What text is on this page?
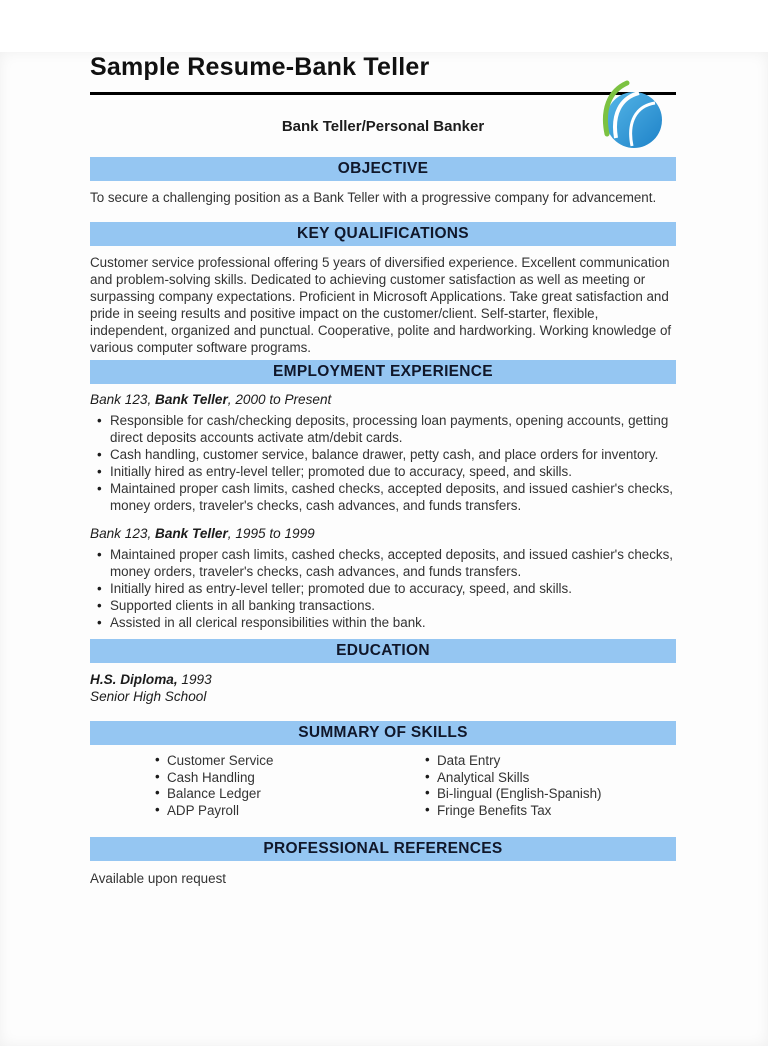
Sample Resume-Bank Teller
Bank Teller/Personal Banker
OBJECTIVE

To secure a challenging position as a Bank Teller with a progressive company for advancement.

KEY QUALIFICATIONS

Customer service professional offering 5 years of diversified experience. Excellent communication and problem-solving skills. Dedicated to achieving customer satisfaction as well as meeting or surpassing company expectations. Proficient in Microsoft Applications. Take great satisfaction and pride in seeing results and positive impact on the customer/client. Self-starter, flexible, independent, organized and punctual. Cooperative, polite and hardworking. Working knowledge of various computer software programs.

EMPLOYMENT EXPERIENCE
Bank 123, Bank Teller, 2000 to Present
• Responsible for cash/checking deposits, processing loan payments, opening accounts, getting direct deposits accounts activate atm/debit cards.
• Cash handling, customer service, balance drawer, petty cash, and place orders for inventory.
• Initially hired as entry-level teller; promoted due to accuracy, speed, and skills.
• Maintained proper cash limits, cashed checks, accepted deposits, and issued cashier's checks, money orders, traveler's checks, cash advances, and funds transfers.
Bank 123, Bank Teller, 1995 to 1999
• Maintained proper cash limits, cashed checks, accepted deposits, and issued cashier's checks, money orders, traveler's checks, cash advances, and funds transfers.
• Initially hired as entry-level teller; promoted due to accuracy, speed, and skills.
• Supported clients in all banking transactions.
• Assisted in all clerical responsibilities within the bank.
EDUCATION
H.S. Diploma, 1993
Senior High School
SUMMARY OF SKILLS
• Customer Service
• Cash Handling
• Balance Ledger
• ADP Payroll
• Data Entry
• Analytical Skills
• Bi-lingual (English-Spanish)
• Fringe Benefits Tax
PROFESSIONAL REFERENCES

Available upon request
